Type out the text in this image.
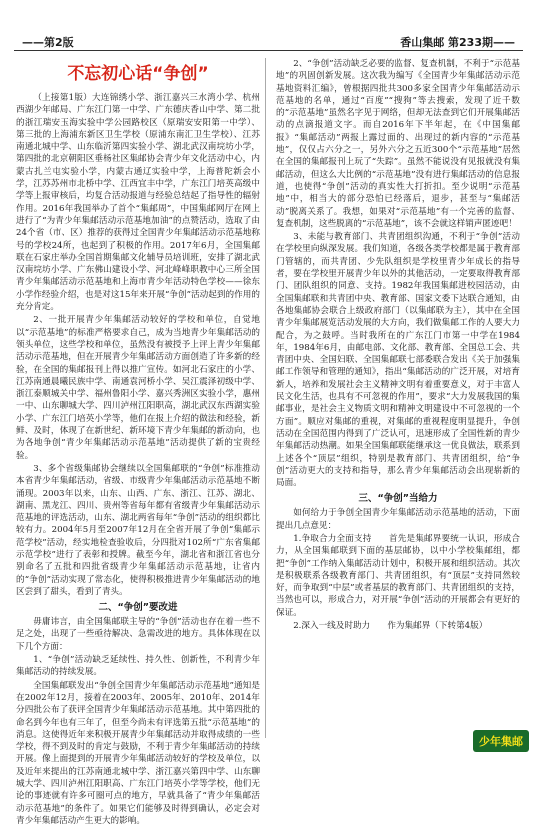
——第2版	香山集邮 第233期——
不忘初心话“争创”

（上接第1版）大连锦绣小学、浙江嘉兴三水湾小学、杭州西湖少年邮局、广东江门第一中学、广东德庆香山中学、第二批的浙江瑞安玉海实验中学公园路校区（原瑞安安阳第一中学）、第三批的上海浦东新区卫生学校（原浦东南汇卫生学校）、江苏南通北城中学、山东临沂第四实验小学、湖北武汉南垸坊小学，第四批的北京朝阳区垂杨社区集邮协会青少年文化活动中心，内蒙古扎兰屯实验小学，内蒙古通辽实验中学，上海普陀新会小学，江苏苏州市北桥中学、江西宜丰中学，广东江门培英高级中学等上报审核后，均复合活动报道与经验总结起了指导性的辐射作用。2016年我国举办了首个“集邮周”，中国集邮网厅在网上进行了“为青少年集邮活动示范基地加油”的点赞活动，选取了由24个省（市、区）推荐的获得过全国青少年集邮活动示范基地称号的学校24所，也起到了积极的作用。2017年6月，全国集邮联在石家庄举办全国首期集邮文化辅导员培训班，安排了湖北武汉南垸坊小学、广东佛山建设小学、河北峰峰职教中心三所全国青少年集邮活动示范基地和上海市青少年活动特色学校——徐东小学作经验介绍，也是对这15年来开展“争创”活动起到的作用的充分肯定。

2、一批开展青少年集邮活动较好的学校和单位，自觉地以“示范基地”的标准严格要求自己，成为当地青少年集邮活动的领头单位，这些学校和单位，虽然没有被授予上评上青少年集邮活动示范基地，但在开展青少年集邮活动方面创造了许多新的经验，在全国的集邮报刊上得以推广宣传。如河北石家庄的小学、江苏南通晨曦民族中学、南通袁河桥小学、吴江震泽初级中学、浙江泰顺城关中学、福州鲁阳小学、嘉兴秀洲区实验小学，惠州一中、山东聊城大学、四川泸州江阳职高，湖北武汉东西湖实验小学、广东江门培英小学等，他们在报上介绍的做法和经验，新鲜、及时，体现了在新世纪、新环境下青少年集邮的新动向，也为各地争创“青少年集邮活动示范基地”活动提供了新的宝贵经验。

3、多个省级集邮协会继续以全国集邮联的“争创”标准推动本省青少年集邮活动，省级、市级青少年集邮活动示范基地不断涌现。2003年以来，山东、山西、广东、浙江、江苏、湖北、湖南、黑龙江、四川、贵州等省每年都有省级青少年集邮活动示范基地的评选活动，山东、湖北两省每年“争创”活动的组织都比较有力。2004年5月至2007年12月在全省开展了争创“集邮示范学校”活动，经实地检查验收后，分四批对102所“广东省集邮示范学校”进行了表彰和授牌。截至今年，湖北省和浙江省也分别命名了五批和四批省级青少年集邮活动示范基地，让省内的“争创”活动实现了常态化，使得积极推进青少年集邮活动的地区尝到了甜头，看到了青头。

二、“争创”要改进

毋庸讳言，由全国集邮联主导的“争创”活动也存在着一些不足之处，出现了一些亟待解决、急需改进的地方。具体体现在以下几个方面：

1、“争创”活动缺乏延续性、持久性、创新性，不利青少年集邮活动的持续发展。

全国集邮联发出“争创全国青少年集邮活动示范基地”通知是在2002年12月，接着在2003年、2005年、2010年、2014年分四批公布了获评全国青少年集邮活动示范基地。其中第四批的命名到今年也有三年了，但至今尚未有评选第五批“示范基地”的消息。这使得近年来积极开展青少年集邮活动并取得成绩的一些学校，得不到及时的肯定与鼓励，不利于青少年集邮活动的持续开展。像上面提到的开展青少年集邮活动较好的学校及单位，以及近年来提出的江苏南通北城中学、浙江嘉兴第四中学、山东聊城大学、四川泸州江阳职高、广东江门培英小学等学校，他们无论的事迹就有许多可圈可点的地方，早就具备了“青少年集邮活动示范基地”的条件了。如果它们能够及时得到确认，必定会对青少年集邮活动产生更大的影响。

2、“争创”活动缺乏必要的监督、复查机制，不利于“示范基地”的巩固创新发展。这次我为编写《全国青少年集邮活动示范基地资料汇编》，曾根据四批共300多家全国青少年集邮活动示范基地的名单，通过“百度”“搜狗”等去搜索，发现了近千数的“示范基地”虽然名字见于网络，但却无法查到它们开展集邮活动的点滴报道文字。而自2016年下半年起，在《中国集邮报》“集邮活动”两报上露过面的、出现过的新内容的“示范基地”，仅仅占六分之一，另外六分之五近300个“示范基地”居然在全国的集邮报刊上玩了“失踪”。虽然不能说没有见报就没有集邮活动，但这么大比例的“示范基地”没有进行集邮活动的信息报道，也使得“争创”活动的真实性大打折扣。至少说明“示范基地”中，相当大的部分恐怕已经落后，退步，甚至与“集邮活动”脱离关系了。我想，如果对“示范基地”有一个完善的监督、复查机制，这些脱离的“示范基地”，该不会就这样销声匿迹吧！

3、未能与教育部门、共青团组织沟通，不利于“争创”活动在学校里向纵深发展。我们知道，各级各类学校都是属于教育部门管辖的，而共青团、少先队组织是学校里青少年成长的指导者，要在学校里开展青少年以外的其他活动，一定要取得教育部门、团队组织的同意、支持。1982年我国集邮进校园活动，由全国集邮联和共青团中央、教育部、国家文委下达联合通知，由各地集邮协会联合上级政府部门（以集邮联为主），其中在全国青少年集邮展览活动发展的大方向，我们做集邮工作的人要大力配合，为之鼓呼。当时我所在的广东江门市第一中学在1984年，1984年6月，由邮电部、文化部、教育部、全国总工会、共青团中央、全国妇联、全国集邮联七部委联合发出《关于加强集邮工作领导和管理的通知》，指出“集邮活动的广泛开展，对培育新人，培养和发展社会主义精神文明有着重要意义，对于丰富人民文化生活，也具有不可忽视的作用”，要求“大力发展我国的集邮事业，是社会主义物质文明和精神文明建设中不可忽视的一个方面”。顺应对集邮的重视，对集邮的重视程度明显提升，争创活动在全国范围内得到了广泛认可，迅速形成了全国性新的青少年集邮活动热潮。如果全国集邮联能继承这一优良做法，联系到上述各个“顶层”组织，特别是教育部门、共青团组织，给“争创”活动更大的支持和指导，那么青少年集邮活动会出现崭新的局面。

三、“争创”当给力

如何给力于争创全国青少年集邮活动示范基地的活动，下面提出几点意见：

1.争取合力全面支持　　首先是集邮界要统一认识，形成合力，从全国集邮联到下面的基层邮协，以中小学校集邮组，都把“争创”工作纳入集邮活动计划中，积极开展和组织活动。其次是积极联系各级教育部门、共青团组织，有“顶层”支持同然较好，而争取到“中层”或者基层的教育部门、共青团组织的支持，当然也可以，形成合力，对开展“争创”活动的开展都会有更好的保证。

2.深入一线及时助力　　作为集邮界（下转第4版）

少年集邮
